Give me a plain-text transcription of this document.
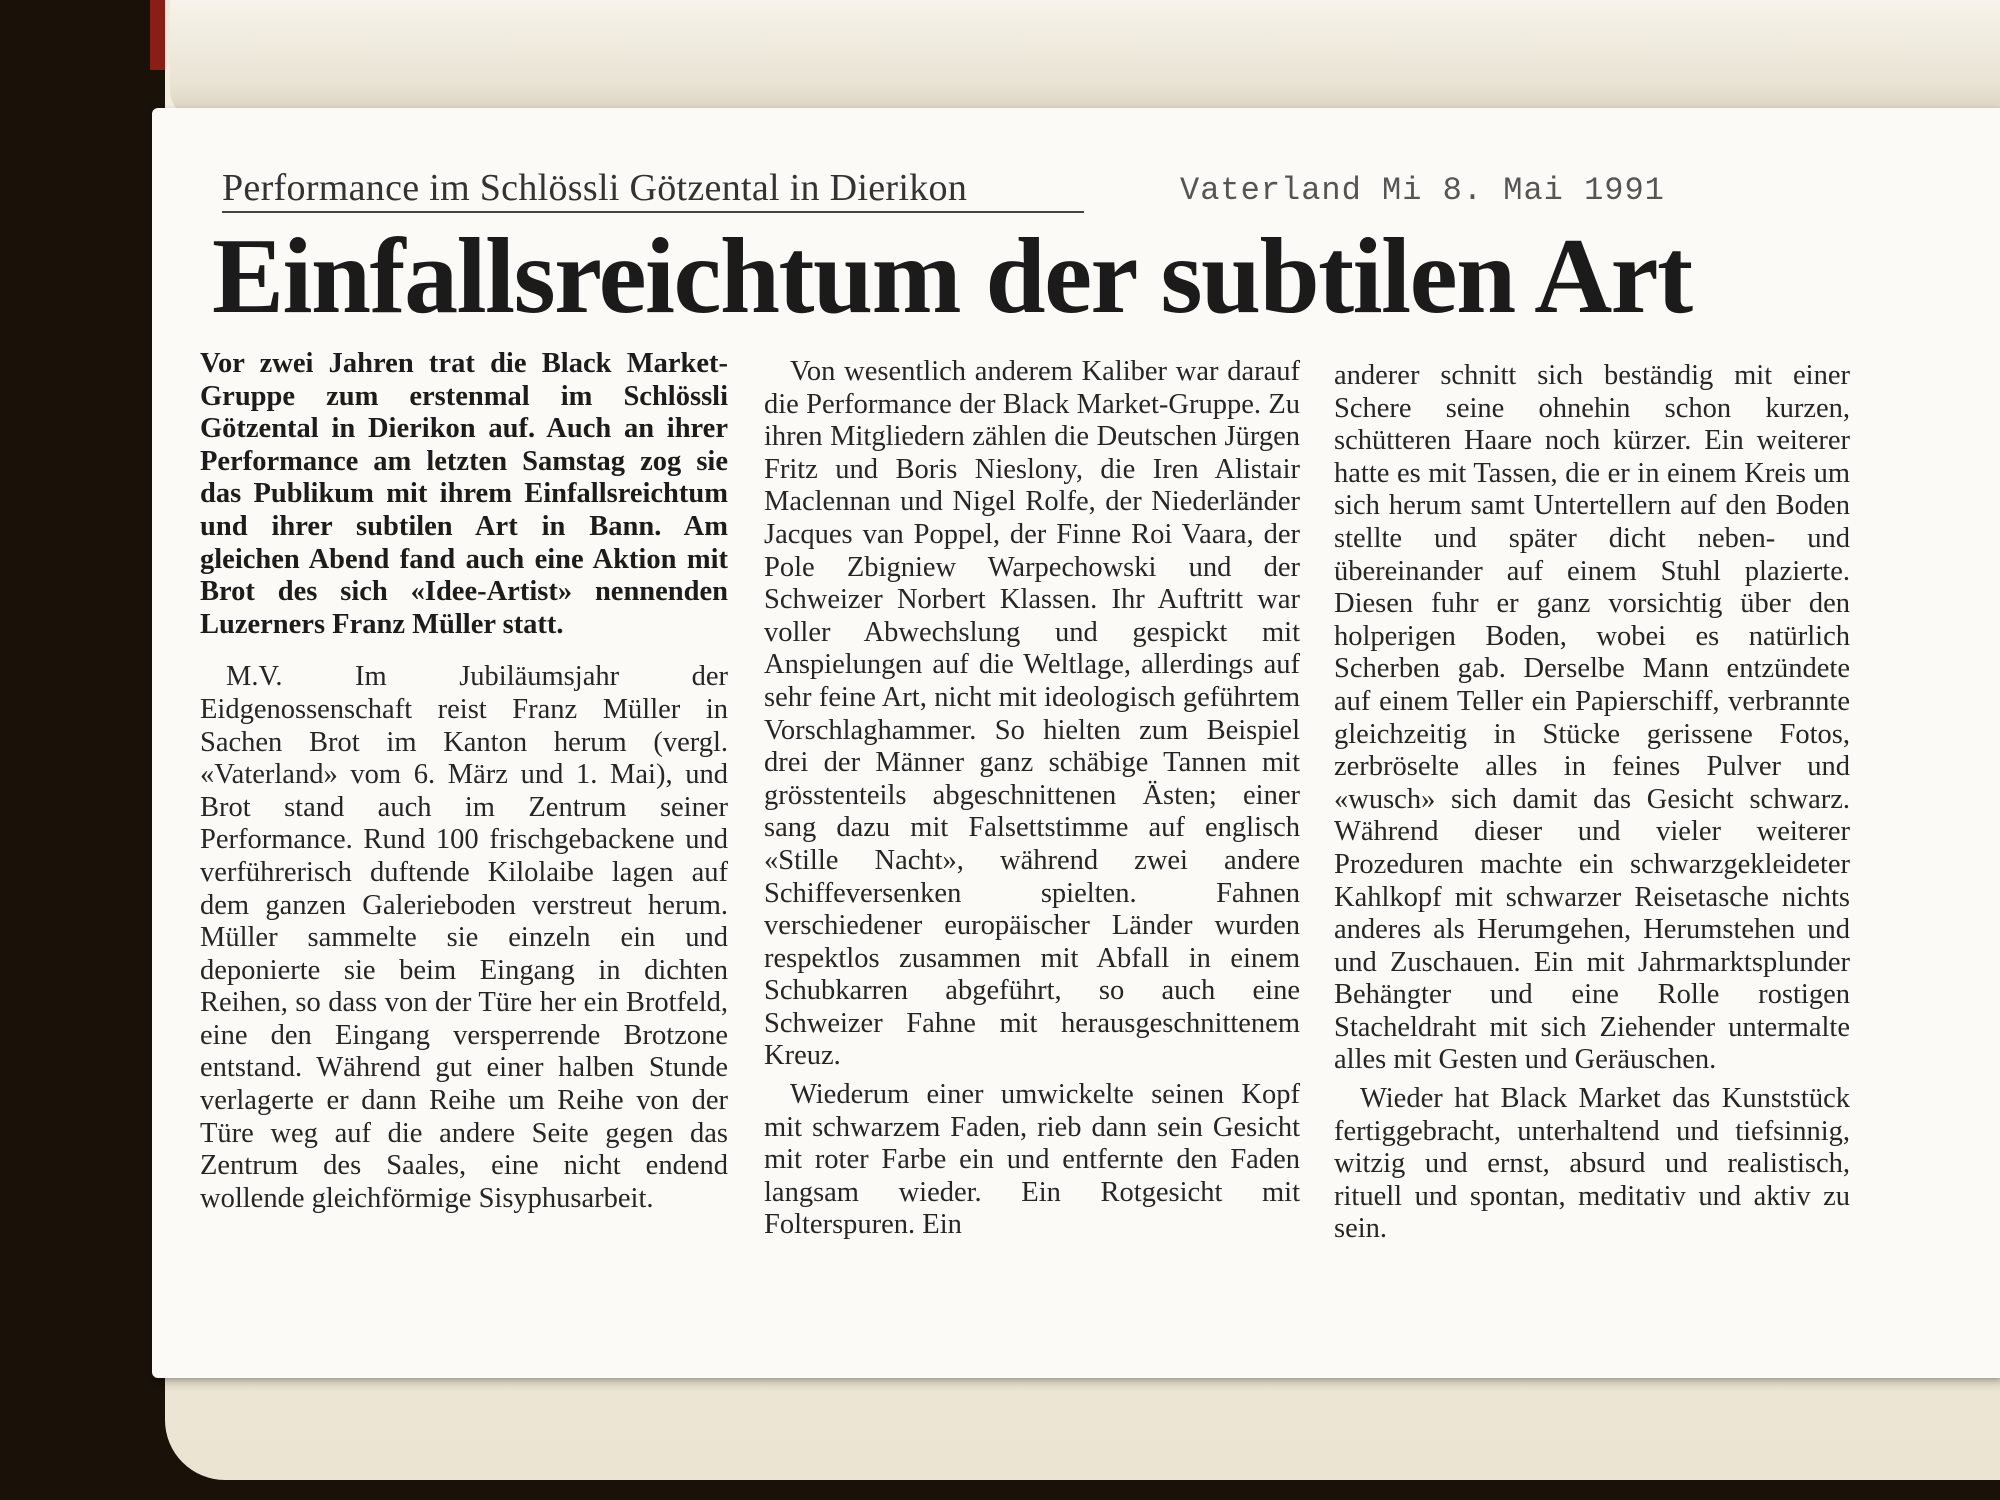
Performance im Schlössli Götzental in Dierikon	Vaterland Mi 8. Mai 1991
Einfallsreichtum der subtilen Art

Vor zwei Jahren trat die Black Market-Gruppe zum erstenmal im Schlössli Götzental in Dierikon auf. Auch an ihrer Performance am letzten Samstag zog sie das Publikum mit ihrem Einfallsreichtum und ihrer subtilen Art in Bann. Am gleichen Abend fand auch eine Aktion mit Brot des sich «Idee-Artist» nennenden Luzerners Franz Müller statt.

M.V. Im Jubiläumsjahr der Eidgenossenschaft reist Franz Müller in Sachen Brot im Kanton herum (vergl. «Vaterland» vom 6. März und 1. Mai), und Brot stand auch im Zentrum seiner Performance. Rund 100 frischgebackene und verführerisch duftende Kilolaibe lagen auf dem ganzen Galerieboden verstreut herum. Müller sammelte sie einzeln ein und deponierte sie beim Eingang in dichten Reihen, so dass von der Türe her ein Brotfeld, eine den Eingang versperrende Brotzone entstand. Während gut einer halben Stunde verlagerte er dann Reihe um Reihe von der Türe weg auf die andere Seite gegen das Zentrum des Saales, eine nicht endend wollende gleichförmige Sisyphusarbeit.

Von wesentlich anderem Kaliber war darauf die Performance der Black Market-Gruppe. Zu ihren Mitgliedern zählen die Deutschen Jürgen Fritz und Boris Nieslony, die Iren Alistair Maclennan und Nigel Rolfe, der Niederländer Jacques van Poppel, der Finne Roi Vaara, der Pole Zbigniew Warpechowski und der Schweizer Norbert Klassen. Ihr Auftritt war voller Abwechslung und gespickt mit Anspielungen auf die Weltlage, allerdings auf sehr feine Art, nicht mit ideologisch geführtem Vorschlaghammer. So hielten zum Beispiel drei der Männer ganz schäbige Tannen mit grösstenteils abgeschnittenen Ästen; einer sang dazu mit Falsettstimme auf englisch «Stille Nacht», während zwei andere Schiffeversenken spielten. Fahnen verschiedener europäischer Länder wurden respektlos zusammen mit Abfall in einem Schubkarren abgeführt, so auch eine Schweizer Fahne mit herausgeschnittenem Kreuz.

Wiederum einer umwickelte seinen Kopf mit schwarzem Faden, rieb dann sein Gesicht mit roter Farbe ein und entfernte den Faden langsam wieder. Ein Rotgesicht mit Folterspuren. Ein

anderer schnitt sich beständig mit einer Schere seine ohnehin schon kurzen, schütteren Haare noch kürzer. Ein weiterer hatte es mit Tassen, die er in einem Kreis um sich herum samt Untertellern auf den Boden stellte und später dicht neben- und übereinander auf einem Stuhl plazierte. Diesen fuhr er ganz vorsichtig über den holperigen Boden, wobei es natürlich Scherben gab. Derselbe Mann entzündete auf einem Teller ein Papierschiff, verbrannte gleichzeitig in Stücke gerissene Fotos, zerbröselte alles in feines Pulver und «wusch» sich damit das Gesicht schwarz. Während dieser und vieler weiterer Prozeduren machte ein schwarzgekleideter Kahlkopf mit schwarzer Reisetasche nichts anderes als Herumgehen, Herumstehen und und Zuschauen. Ein mit Jahrmarktsplunder Behängter und eine Rolle rostigen Stacheldraht mit sich Ziehender untermalte alles mit Gesten und Geräuschen.

Wieder hat Black Market das Kunststück fertiggebracht, unterhaltend und tiefsinnig, witzig und ernst, absurd und realistisch, rituell und spontan, meditativ und aktiv zu sein.
